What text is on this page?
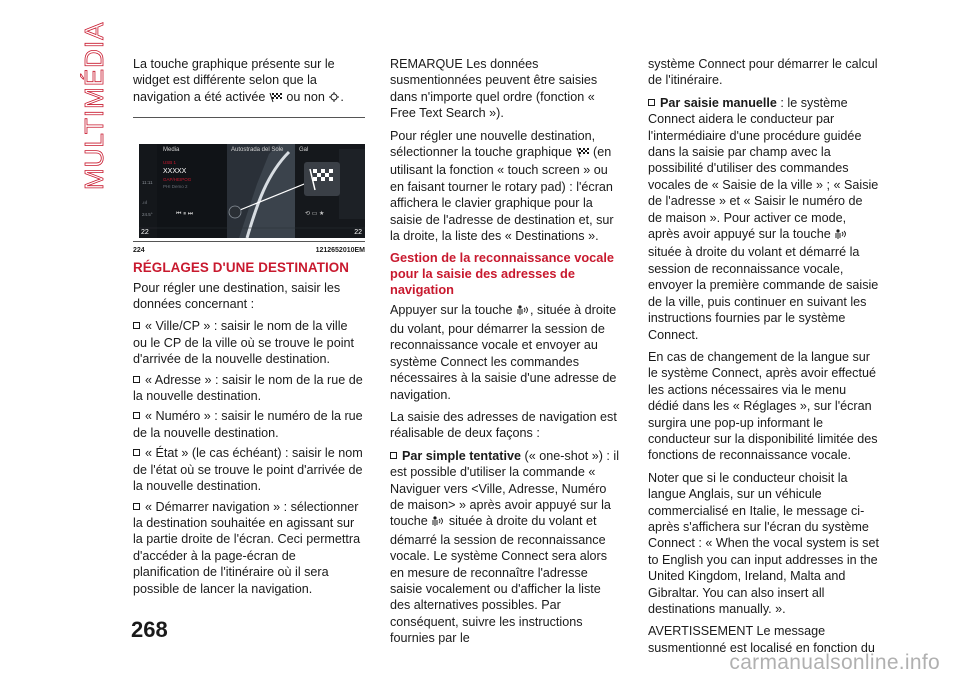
MULTIMÉDIA La touche graphique présente sur le widget est différente selon que la navigation a été activée ou non .

⏮ ⏸ ⏭	⟲ ▭ ★
11:11
.ııl
24.5°
USB 1
GAP/HEIPOG
PHI Demo 2
Media	Autostrada del Sole	Gal
XXXXX
22	22
224	1212652010EM
RÉGLAGES D'UNE DESTINATION

Pour régler une destination, saisir les données concernant :

« Ville/CP » : saisir le nom de la ville ou le CP de la ville où se trouve le point d'arrivée de la nouvelle destination.

« Adresse » : saisir le nom de la rue de la nouvelle destination.

« Numéro » : saisir le numéro de la rue de la nouvelle destination.

« État » (le cas échéant) : saisir le nom de l'état où se trouve le point d'arrivée de la nouvelle destination.

« Démarrer navigation » : sélectionner la destination souhaitée en agissant sur la partie droite de l'écran. Ceci permettra d'accéder à la page-écran de planification de l'itinéraire où il sera possible de lancer la navigation.

REMARQUE Les données susmentionnées peuvent être saisies dans n'importe quel ordre (fonction « Free Text Search »).

Pour régler une nouvelle destination, sélectionner la touche graphique (en utilisant la fonction « touch screen » ou en faisant tourner le rotary pad) : l'écran affichera le clavier graphique pour la saisie de l'adresse de destination et, sur la droite, la liste des « Destinations ».

Gestion de la reconnaissance vocale pour la saisie des adresses de navigation

Appuyer sur la touche , située à droite du volant, pour démarrer la session de reconnaissance vocale et envoyer au système Connect les commandes nécessaires à la saisie d'une adresse de navigation.

La saisie des adresses de navigation est réalisable de deux façons :

Par simple tentative (« one-shot ») : il est possible d'utiliser la commande « Naviguer vers <Ville, Adresse, Numéro de maison> » après avoir appuyé sur la touche située à droite du volant et démarré la session de reconnaissance vocale. Le système Connect sera alors en mesure de reconnaître l'adresse saisie vocalement ou d'afficher la liste des alternatives possibles. Par conséquent, suivre les instructions fournies par le

système Connect pour démarrer le calcul de l'itinéraire.

Par saisie manuelle : le système Connect aidera le conducteur par l'intermédiaire d'une procédure guidée dans la saisie par champ avec la possibilité d'utiliser des commandes vocales de « Saisie de la ville » ; « Saisie de l'adresse » et « Saisir le numéro de de maison ». Pour activer ce mode, après avoir appuyé sur la touche  située à droite du volant et démarré la session de reconnaissance vocale, envoyer la première commande de saisie de la ville, puis continuer en suivant les instructions fournies par le système Connect.

En cas de changement de la langue sur le système Connect, après avoir effectué les actions nécessaires via le menu dédié dans les « Réglages », sur l'écran surgira une pop-up informant le conducteur sur la disponibilité limitée des fonctions de reconnaissance vocale.

Noter que si le conducteur choisit la langue Anglais, sur un véhicule commercialisé en Italie, le message ci-après s'affichera sur l'écran du système Connect : « When the vocal system is set to English you can input addresses in the United Kingdom, Ireland, Malta and Gibraltar. You can also insert all destinations manually. ».

AVERTISSEMENT Le message susmentionné est localisé en fonction du

268
carmanualsonline.info
